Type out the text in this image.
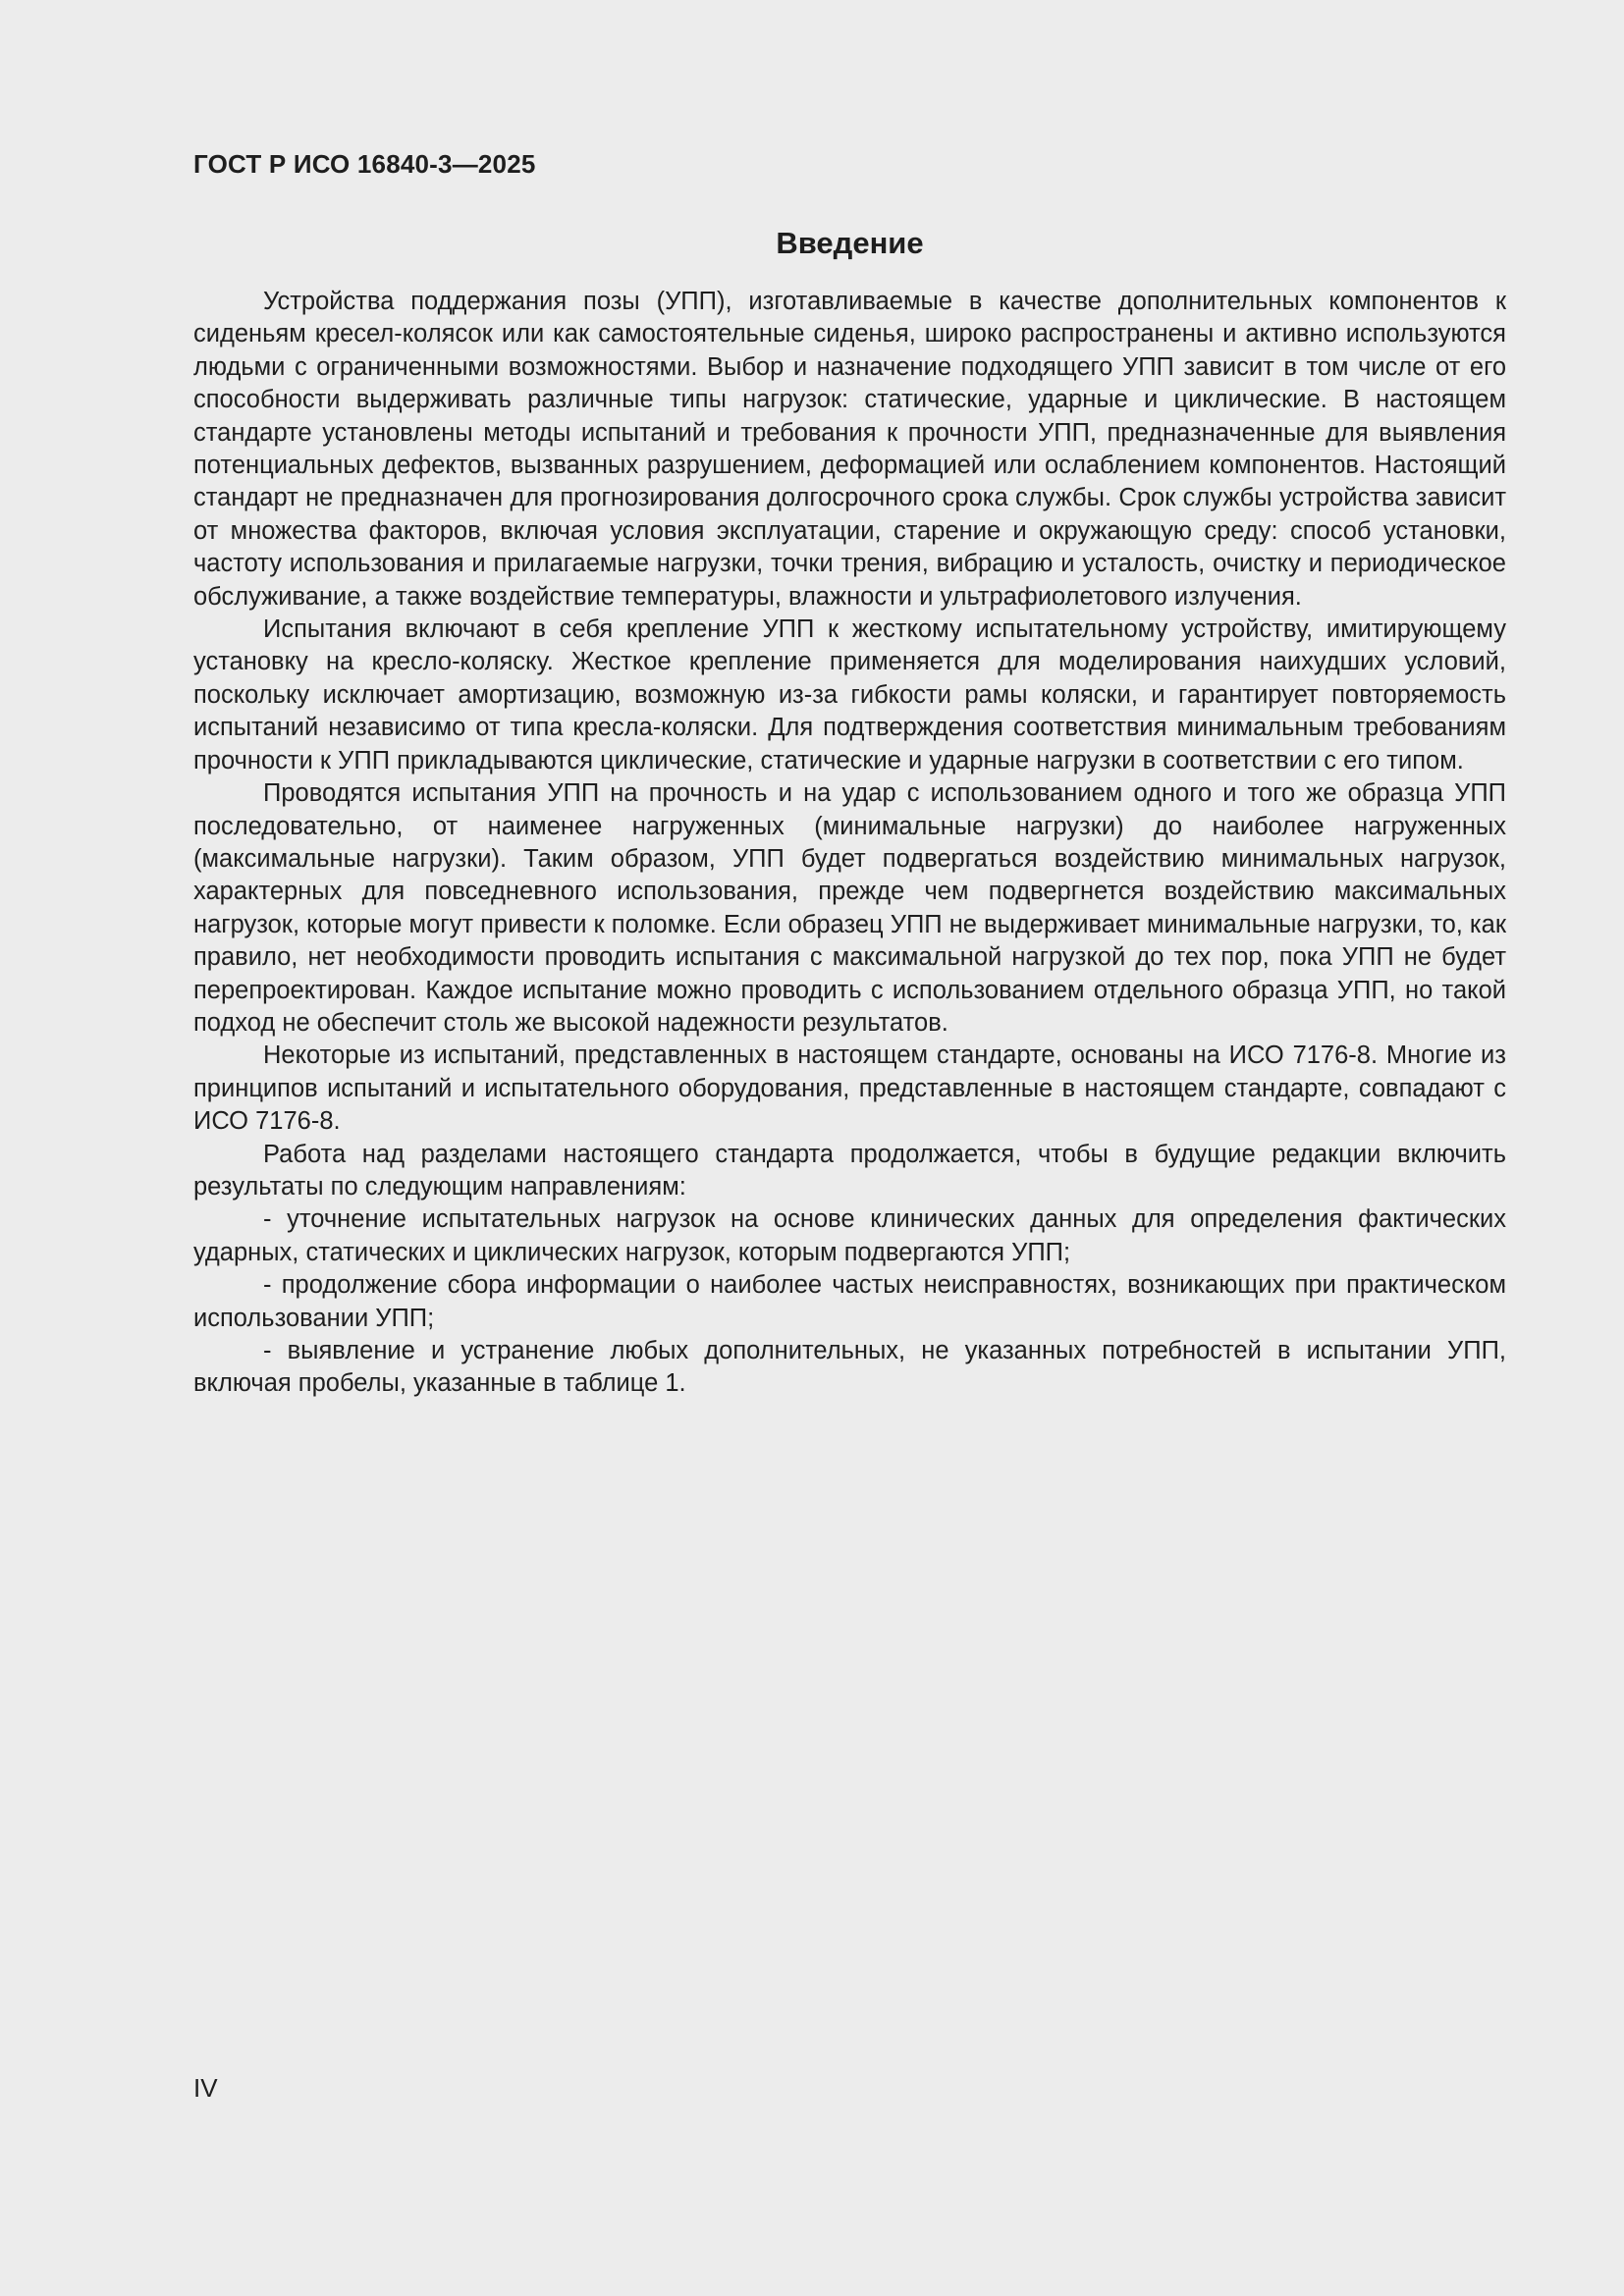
ГОСТ Р ИСО 16840-3—2025
Введение

Устройства поддержания позы (УПП), изготавливаемые в качестве дополнительных компонентов к сиденьям кресел-колясок или как самостоятельные сиденья, широко распространены и активно используются людьми с ограниченными возможностями. Выбор и назначение подходящего УПП зависит в том числе от его способности выдерживать различные типы нагрузок: статические, ударные и циклические. В настоящем стандарте установлены методы испытаний и требования к прочности УПП, предназначенные для выявления потенциальных дефектов, вызванных разрушением, деформацией или ослаблением компонентов. Настоящий стандарт не предназначен для прогнозирования долгосрочного срока службы. Срок службы устройства зависит от множества факторов, включая условия эксплуатации, старение и окружающую среду: способ установки, частоту использования и прилагаемые нагрузки, точки трения, вибрацию и усталость, очистку и периодическое обслуживание, а также воздействие температуры, влажности и ультрафиолетового излучения.

Испытания включают в себя крепление УПП к жесткому испытательному устройству, имитирующему установку на кресло-коляску. Жесткое крепление применяется для моделирования наихудших условий, поскольку исключает амортизацию, возможную из-за гибкости рамы коляски, и гарантирует повторяемость испытаний независимо от типа кресла-коляски. Для подтверждения соответствия минимальным требованиям прочности к УПП прикладываются циклические, статические и ударные нагрузки в соответствии с его типом.

Проводятся испытания УПП на прочность и на удар с использованием одного и того же образца УПП последовательно, от наименее нагруженных (минимальные нагрузки) до наиболее нагруженных (максимальные нагрузки). Таким образом, УПП будет подвергаться воздействию минимальных нагрузок, характерных для повседневного использования, прежде чем подвергнется воздействию максимальных нагрузок, которые могут привести к поломке. Если образец УПП не выдерживает минимальные нагрузки, то, как правило, нет необходимости проводить испытания с максимальной нагрузкой до тех пор, пока УПП не будет перепроектирован. Каждое испытание можно проводить с использованием отдельного образца УПП, но такой подход не обеспечит столь же высокой надежности результатов.

Некоторые из испытаний, представленных в настоящем стандарте, основаны на ИСО 7176-8. Многие из принципов испытаний и испытательного оборудования, представленные в настоящем стандарте, совпадают с ИСО 7176-8.

Работа над разделами настоящего стандарта продолжается, чтобы в будущие редакции включить результаты по следующим направлениям:

- уточнение испытательных нагрузок на основе клинических данных для определения фактических ударных, статических и циклических нагрузок, которым подвергаются УПП;

- продолжение сбора информации о наиболее частых неисправностях, возникающих при практическом использовании УПП;

- выявление и устранение любых дополнительных, не указанных потребностей в испытании УПП, включая пробелы, указанные в таблице 1.

IV
